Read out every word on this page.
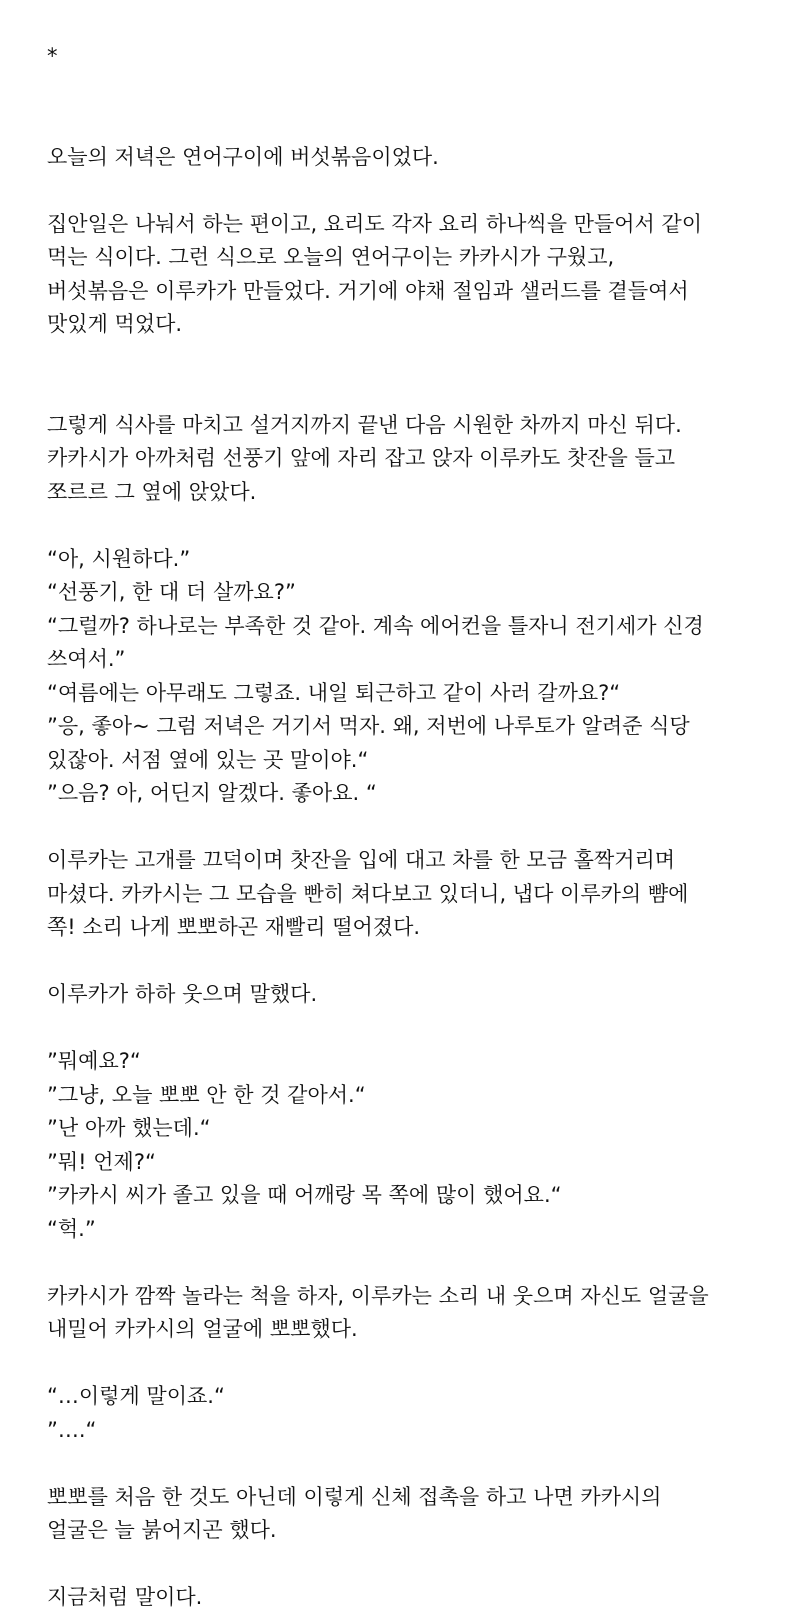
*
오늘의 저녁은 연어구이에 버섯볶음이었다.
집안일은 나눠서 하는 편이고, 요리도 각자 요리 하나씩을 만들어서 같이
먹는 식이다. 그런 식으로 오늘의 연어구이는 카카시가 구웠고,
버섯볶음은 이루카가 만들었다. 거기에 야채 절임과 샐러드를 곁들여서
맛있게 먹었다.
그렇게 식사를 마치고 설거지까지 끝낸 다음 시원한 차까지 마신 뒤다.
카카시가 아까처럼 선풍기 앞에 자리 잡고 앉자 이루카도 찻잔을 들고
쪼르르 그 옆에 앉았다.
“아, 시원하다.”
“선풍기, 한 대 더 살까요?”
“그럴까? 하나로는 부족한 것 같아. 계속 에어컨을 틀자니 전기세가 신경
쓰여서.”
“여름에는 아무래도 그렇죠. 내일 퇴근하고 같이 사러 갈까요?“
”응, 좋아~ 그럼 저녁은 거기서 먹자. 왜, 저번에 나루토가 알려준 식당
있잖아. 서점 옆에 있는 곳 말이야.“
”으음? 아, 어딘지 알겠다. 좋아요. “
이루카는 고개를 끄덕이며 찻잔을 입에 대고 차를 한 모금 홀짝거리며
마셨다. 카카시는 그 모습을 빤히 쳐다보고 있더니, 냅다 이루카의 뺨에
쪽! 소리 나게 뽀뽀하곤 재빨리 떨어졌다.
이루카가 하하 웃으며 말했다.
”뭐예요?“
”그냥, 오늘 뽀뽀 안 한 것 같아서.“
”난 아까 했는데.“
”뭐! 언제?“
”카카시 씨가 졸고 있을 때 어깨랑 목 쪽에 많이 했어요.“
“헉.”
카카시가 깜짝 놀라는 척을 하자, 이루카는 소리 내 웃으며 자신도 얼굴을
내밀어 카카시의 얼굴에 뽀뽀했다.
“…이렇게 말이죠.“
”….“
뽀뽀를 처음 한 것도 아닌데 이렇게 신체 접촉을 하고 나면 카카시의
얼굴은 늘 붉어지곤 했다.
지금처럼 말이다.
